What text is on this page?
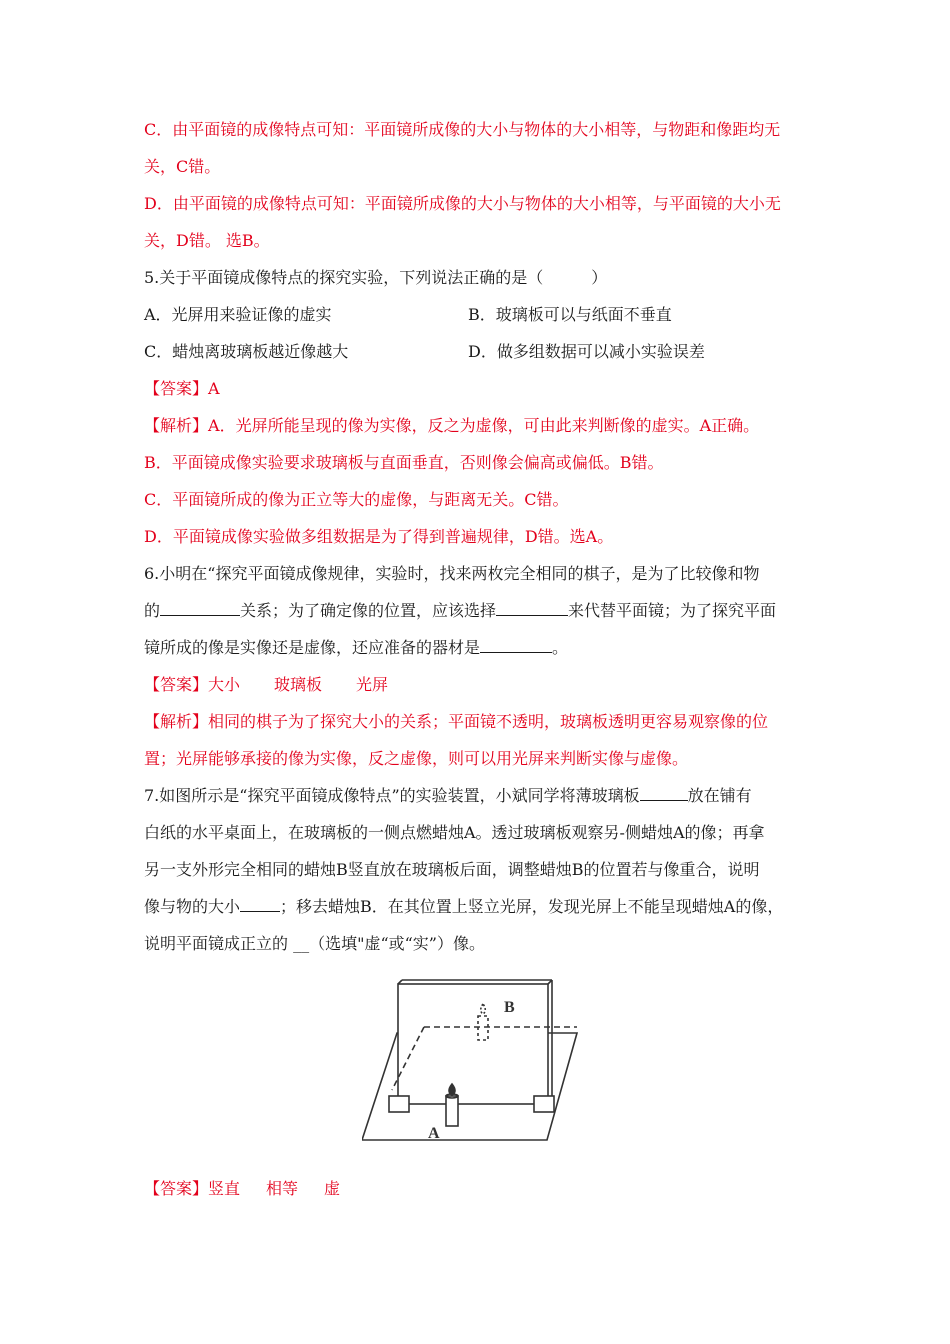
C．由平面镜的成像特点可知：平面镜所成像的大小与物体的大小相等，与物距和像距均无
关，C错。
D．由平面镜的成像特点可知：平面镜所成像的大小与物体的大小相等，与平面镜的大小无
关，D错。 选B。
5.关于平面镜成像特点的探究实验，下列说法正确的是（　　　）
A．光屏用来验证像的虚实	B．玻璃板可以与纸面不垂直
C．蜡烛离玻璃板越近像越大	D．做多组数据可以减小实验误差
【答案】A
【解析】A．光屏所能呈现的像为实像，反之为虚像，可由此来判断像的虚实。A正确。
B．平面镜成像实验要求玻璃板与直面垂直，否则像会偏高或偏低。B错。
C．平面镜所成的像为正立等大的虚像，与距离无关。C错。
D．平面镜成像实验做多组数据是为了得到普遍规律，D错。选A。
6.小明在“探究平面镜成像规律，实验时，找来两枚完全相同的棋子，是为了比较像和物
的	关系；为了确定像的位置，应该选择	来代替平面镜；为了探究平面
镜所成的像是实像还是虚像，还应准备的器材是	。
【答案】大小 玻璃板 光屏
【解析】相同的棋子为了探究大小的关系；平面镜不透明，玻璃板透明更容易观察像的位
置；光屏能够承接的像为实像，反之虚像，则可以用光屏来判断实像与虚像。
7.如图所示是“探究平面镜成像特点”的实验装置，小斌同学将薄玻璃板	放在铺有
白纸的水平桌面上，在玻璃板的一侧点燃蜡烛A。透过玻璃板观察另-侧蜡烛A的像；再拿
另一支外形完全相同的蜡烛B竖直放在玻璃板后面，调整蜡烛B的位置若与像重合，说明
像与物的大小	；移去蜡烛B．在其位置上竖立光屏，发现光屏上不能呈现蜡烛A的像，
说明平面镜成正立的 __（选填"虚“或“实”）像。
A
B
【答案】竖直 相等 虚
